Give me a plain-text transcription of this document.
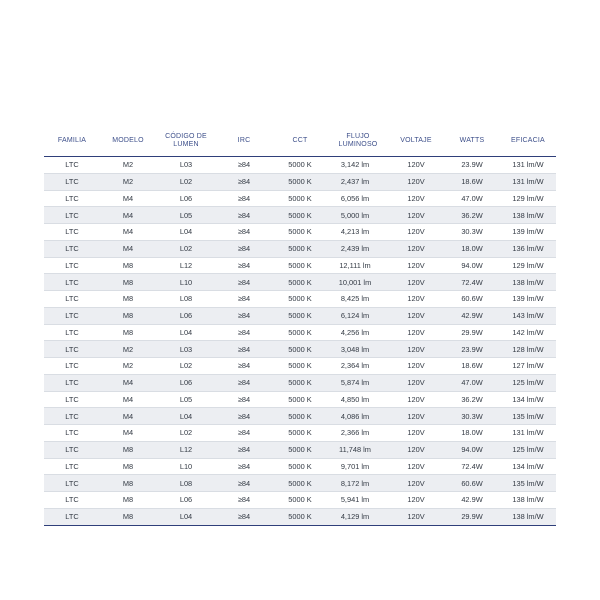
FAMILIA	MODELO	CÓDIGO DE LUMEN	IRC	CCT	FLUJO LUMINOSO	VOLTAJE	WATTS	EFICACIA
LTC	M2	L03	≥84	5000 K	3,142 lm	120V	23.9W	131 lm/W
LTC	M2	L02	≥84	5000 K	2,437 lm	120V	18.6W	131 lm/W
LTC	M4	L06	≥84	5000 K	6,056 lm	120V	47.0W	129 lm/W
LTC	M4	L05	≥84	5000 K	5,000 lm	120V	36.2W	138 lm/W
LTC	M4	L04	≥84	5000 K	4,213 lm	120V	30.3W	139 lm/W
LTC	M4	L02	≥84	5000 K	2,439 lm	120V	18.0W	136 lm/W
LTC	M8	L12	≥84	5000 K	12,111 lm	120V	94.0W	129 lm/W
LTC	M8	L10	≥84	5000 K	10,001 lm	120V	72.4W	138 lm/W
LTC	M8	L08	≥84	5000 K	8,425 lm	120V	60.6W	139 lm/W
LTC	M8	L06	≥84	5000 K	6,124 lm	120V	42.9W	143 lm/W
LTC	M8	L04	≥84	5000 K	4,256 lm	120V	29.9W	142 lm/W
LTC	M2	L03	≥84	5000 K	3,048 lm	120V	23.9W	128 lm/W
LTC	M2	L02	≥84	5000 K	2,364 lm	120V	18.6W	127 lm/W
LTC	M4	L06	≥84	5000 K	5,874 lm	120V	47.0W	125 lm/W
LTC	M4	L05	≥84	5000 K	4,850 lm	120V	36.2W	134 lm/W
LTC	M4	L04	≥84	5000 K	4,086 lm	120V	30.3W	135 lm/W
LTC	M4	L02	≥84	5000 K	2,366 lm	120V	18.0W	131 lm/W
LTC	M8	L12	≥84	5000 K	11,748 lm	120V	94.0W	125 lm/W
LTC	M8	L10	≥84	5000 K	9,701 lm	120V	72.4W	134 lm/W
LTC	M8	L08	≥84	5000 K	8,172 lm	120V	60.6W	135 lm/W
LTC	M8	L06	≥84	5000 K	5,941 lm	120V	42.9W	138 lm/W
LTC	M8	L04	≥84	5000 K	4,129 lm	120V	29.9W	138 lm/W
